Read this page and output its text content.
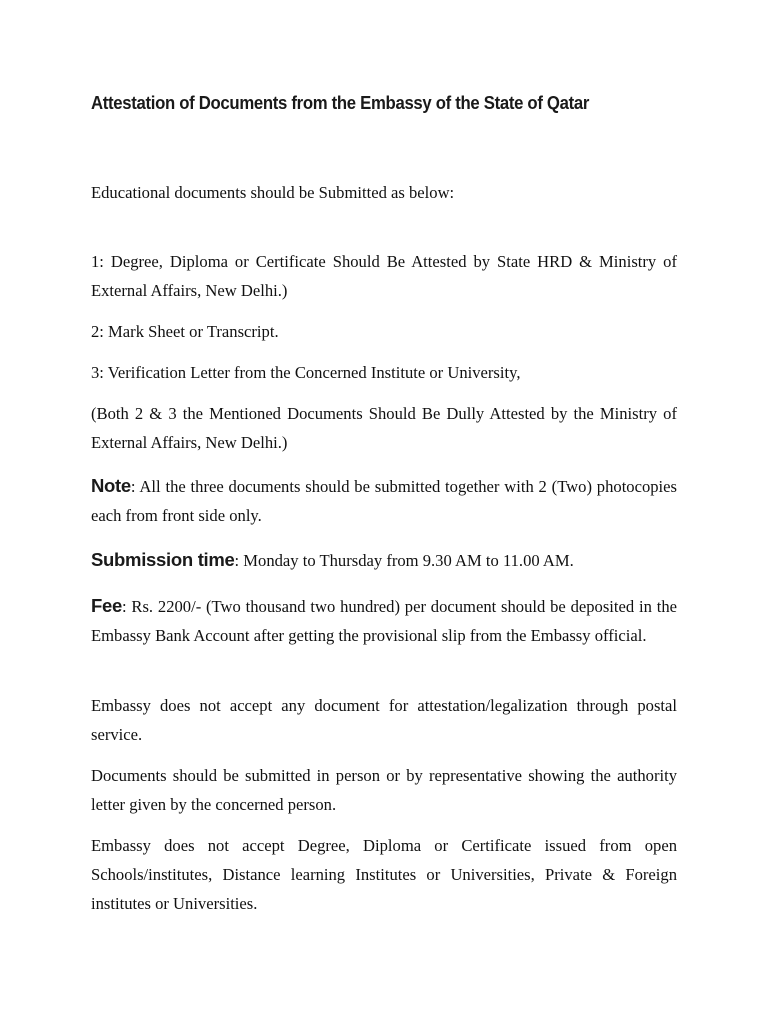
Attestation of Documents from the Embassy of the State of Qatar

Educational documents should be Submitted as below:

1: Degree, Diploma or Certificate Should Be Attested by State HRD & Ministry of External Affairs, New Delhi.)

2: Mark Sheet or Transcript.

3: Verification Letter from the Concerned Institute or University,

(Both 2 & 3 the Mentioned Documents Should Be Dully Attested by the Ministry of External Affairs, New Delhi.)

Note: All the three documents should be submitted together with 2 (Two) photocopies each from front side only.

Submission time: Monday to Thursday from 9.30 AM to 11.00 AM.

Fee: Rs. 2200/- (Two thousand two hundred) per document should be deposited in the Embassy Bank Account after getting the provisional slip from the Embassy official.

Embassy does not accept any document for attestation/legalization through postal service.

Documents should be submitted in person or by representative showing the authority letter given by the concerned person.

Embassy does not accept Degree, Diploma or Certificate issued from open Schools/institutes, Distance learning Institutes or Universities, Private & Foreign institutes or Universities.
